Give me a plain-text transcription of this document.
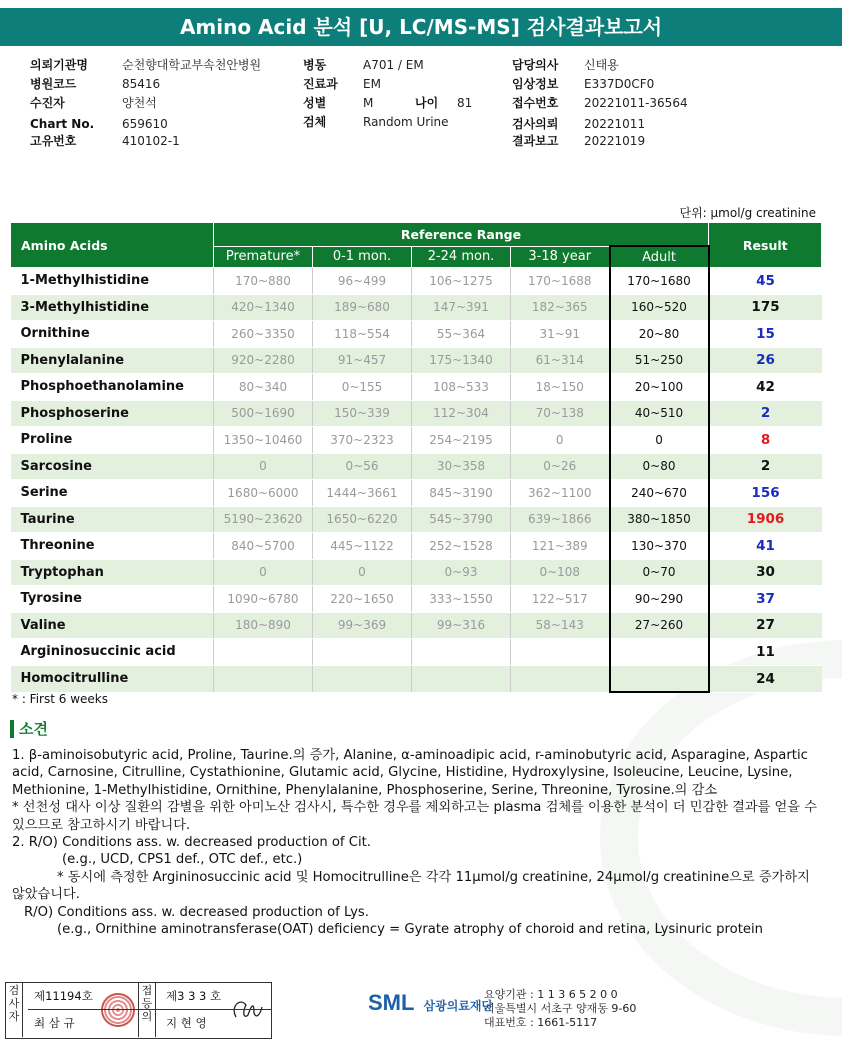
Amino Acid 분석 [U, LC/MS-MS] 검사결과보고서
의뢰기관명	순천향대학교부속천안병원
병원코드	85416
수진자	양천석
Chart No. 659610
고유번호	410102-1
병동	A701 / EM
진료과 EM
성별	M	나이 81
검체	Random Urine
담당의사 신태용
임상정보 E337D0CF0
접수번호 20221011-36564
검사의뢰 20221011
결과보고 20221019
단위: μmol/g creatinine
Amino Acids	Reference Range					Result
	Premature*	0-1 mon.	2-24 mon.	3-18 year	Adult	
1-Methylhistidine	170~880	96~499	106~1275	170~1688	170~1680	45
3-Methylhistidine	420~1340	189~680	147~391	182~365	160~520	175
Ornithine	260~3350	118~554	55~364	31~91	20~80	15
Phenylalanine	920~2280	91~457	175~1340	61~314	51~250	26
Phosphoethanolamine	80~340	0~155	108~533	18~150	20~100	42
Phosphoserine	500~1690	150~339	112~304	70~138	40~510	2
Proline	1350~10460	370~2323	254~2195	0	0	8
Sarcosine	0	0~56	30~358	0~26	0~80	2
Serine	1680~6000	1444~3661	845~3190	362~1100	240~670	156
Taurine	5190~23620	1650~6220	545~3790	639~1866	380~1850	1906
Threonine	840~5700	445~1122	252~1528	121~389	130~370	41
Tryptophan	0	0	0~93	0~108	0~70	30
Tyrosine	1090~6780	220~1650	333~1550	122~517	90~290	37
Valine	180~890	99~369	99~316	58~143	27~260	27
Argininosuccinic acid						11
Homocitrulline						24
* : First 6 weeks
소견

1. β-aminoisobutyric acid, Proline, Taurine.의 증가, Alanine, α-aminoadipic acid, r-aminobutyric acid, Asparagine, Aspartic acid, Carnosine, Citrulline, Cystathionine, Glutamic acid, Glycine, Histidine, Hydroxylysine, Isoleucine, Leucine, Lysine, Methionine, 1-Methylhistidine, Ornithine, Phenylalanine, Phosphoserine, Serine, Threonine, Tyrosine.의 감소

* 선천성 대사 이상 질환의 감별을 위한 아미노산 검사시, 특수한 경우를 제외하고는 plasma 검체를 이용한 분석이 더 민감한 결과를 얻을 수 있으므로 참고하시기 바랍니다.

2. R/O) Conditions ass. w. decreased production of Cit.

(e.g., UCD, CPS1 def., OTC def., etc.)

* 동시에 측정한 Argininosuccinic acid 및 Homocitrulline은 각각 11μmol/g creatinine, 24μmol/g creatinine으로 증가하지 않았습니다.

R/O) Conditions ass. w. decreased production of Lys.

(e.g., Ornithine aminotransferase(OAT) deficiency = Gyrate atrophy of choroid and retina, Lysinuric protein

검사자
제11194호
최 삼 규
접등의
제3 3 3 호
지 현 영
SML 삼광의료재단
요양기관 : 1 1 3 6 5 2 0 0
서울특별시 서초구 양재동 9-60
대표번호 : 1661-5117
